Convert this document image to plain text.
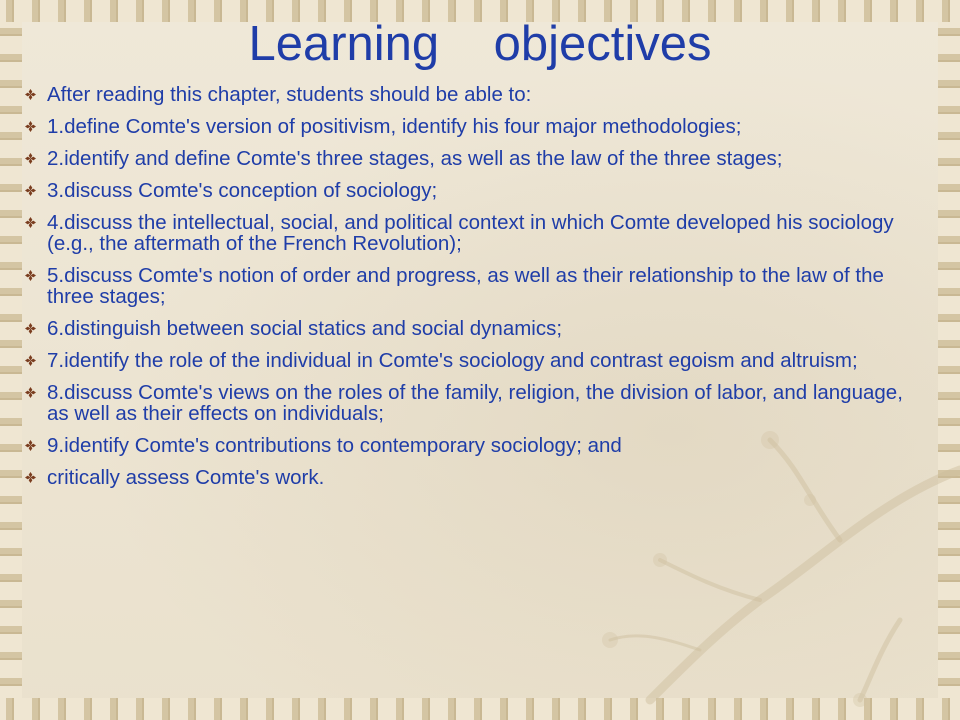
Learning    objectives
After reading this chapter, students should be able to:
1.define Comte's version of positivism, identify his four major methodologies;
2.identify and define Comte's three stages, as well as the law of the three stages;
3.discuss Comte's conception of sociology;
4.discuss the intellectual, social, and political context in which Comte developed his sociology (e.g., the aftermath of the French Revolution);
5.discuss Comte's notion of order and progress, as well as their relationship to the law of the three stages;
6.distinguish between social statics and social dynamics;
7.identify the role of the individual in Comte's sociology and contrast egoism and altruism;
8.discuss Comte's views on the roles of the family, religion, the division of labor, and language, as well as their effects on individuals;
9.identify Comte's contributions to contemporary sociology; and
critically assess Comte's work.
